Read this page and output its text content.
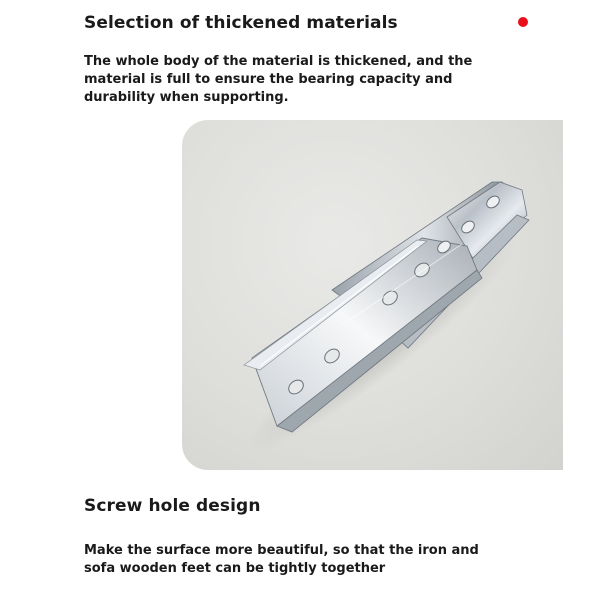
Selection of thickened materials

The whole body of the material is thickened, and the material is full to ensure the bearing capacity and durability when supporting.

Screw hole design

Make the surface more beautiful, so that the iron and sofa wooden feet can be tightly together
